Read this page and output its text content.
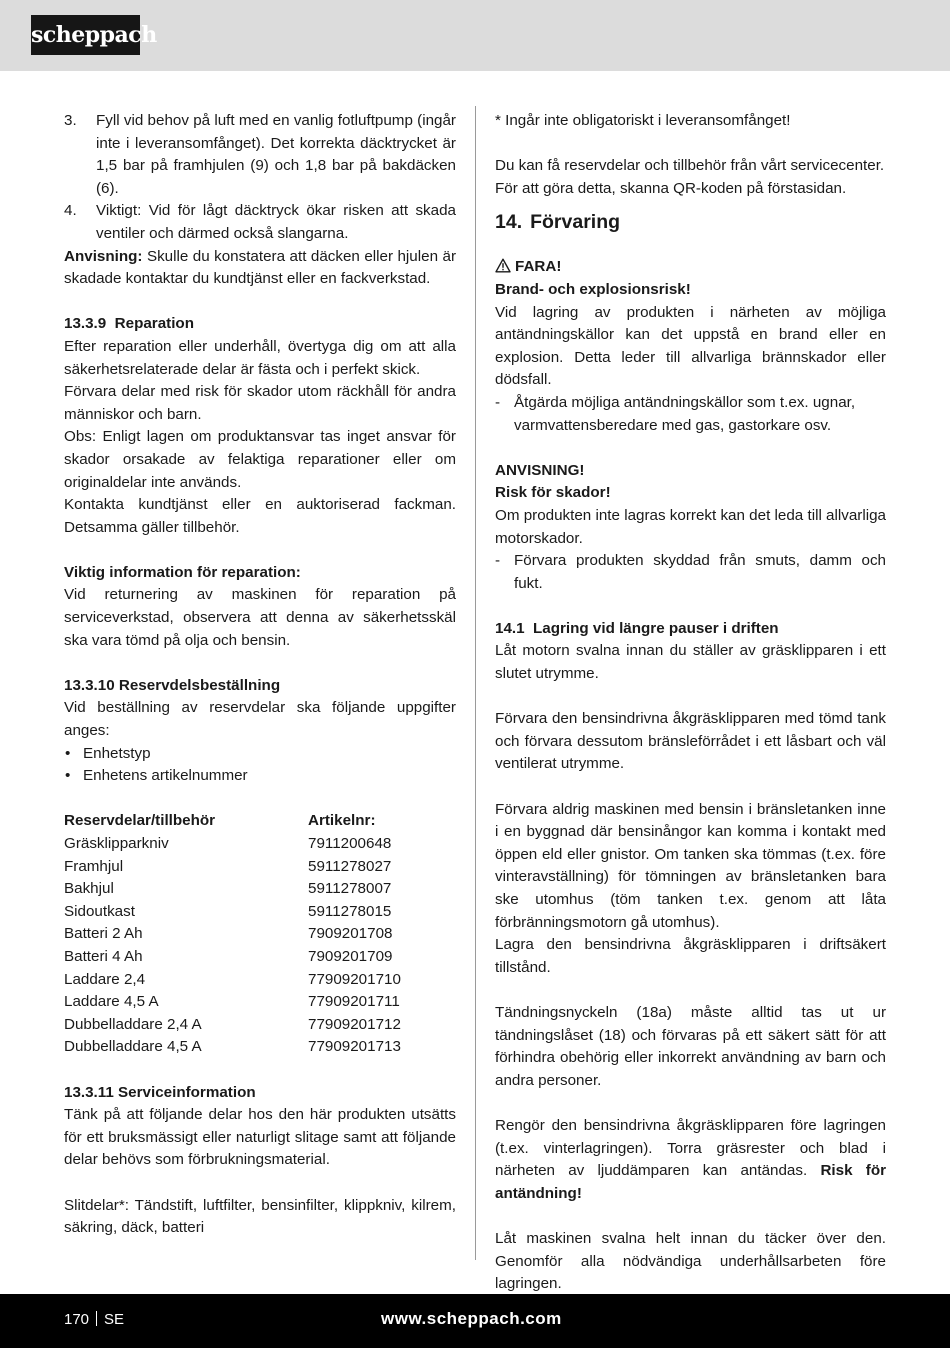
scheppach
3. Fyll vid behov på luft med en vanlig fotluftpump (ingår inte i leveransomfånget). Det korrekta däcktrycket är 1,5 bar på framhjulen (9) och 1,8 bar på bakdäcken (6).
4. Viktigt: Vid för lågt däcktryck ökar risken att skada ventiler och därmed också slangarna.

Anvisning: Skulle du konstatera att däcken eller hjulen är skadade kontaktar du kundtjänst eller en fackverkstad.

13.3.9  Reparation

Efter reparation eller underhåll, övertyga dig om att alla säkerhetsrelaterade delar är fästa och i perfekt skick.

Förvara delar med risk för skador utom räckhåll för andra människor och barn.

Obs: Enligt lagen om produktansvar tas inget ansvar för skador orsakade av felaktiga reparationer eller om originaldelar inte används.

Kontakta kundtjänst eller en auktoriserad fackman. Detsamma gäller tillbehör.

Viktig information för reparation:

Vid returnering av maskinen för reparation på serviceverkstad, observera att denna av säkerhetsskäl ska vara tömd på olja och bensin.

13.3.10 Reservdelsbeställning

Vid beställning av reservdelar ska följande uppgifter anges:

• Enhetstyp
• Enhetens artikelnummer
Reservdelar/tillbehör	Artikelnr:
Gräsklipparkniv	7911200648
Framhjul	5911278027
Bakhjul	5911278007
Sidoutkast	5911278015
Batteri 2 Ah	7909201708
Batteri 4 Ah	7909201709
Laddare 2,4	77909201710
Laddare 4,5 A	77909201711
Dubbelladdare 2,4 A	77909201712
Dubbelladdare 4,5 A	77909201713

13.3.11 Serviceinformation

Tänk på att följande delar hos den här produkten utsätts för ett bruksmässigt eller naturligt slitage samt att följande delar behövs som förbrukningsmaterial.

Slitdelar*: Tändstift, luftfilter, bensinfilter, klippkniv, kilrem, säkring, däck, batteri

* Ingår inte obligatoriskt i leveransomfånget!

Du kan få reservdelar och tillbehör från vårt servicecenter. För att göra detta, skanna QR-koden på förstasidan.

14. Förvaring

FARA!

Brand- och explosionsrisk!

Vid lagring av produkten i närheten av möjliga antändningskällor kan det uppstå en brand eller en explosion. Detta leder till allvarliga brännskador eller dödsfall.

- Åtgärda möjliga antändningskällor som t.ex. ugnar, varmvattensberedare med gas, gastorkare osv.

ANVISNING!

Risk för skador!

Om produkten inte lagras korrekt kan det leda till allvarliga motorskador.

- Förvara produkten skyddad från smuts, damm och fukt.

14.1  Lagring vid längre pauser i driften

Låt motorn svalna innan du ställer av gräsklipparen i ett slutet utrymme.

Förvara den bensindrivna åkgräsklipparen med tömd tank och förvara dessutom bränsleförrådet i ett låsbart och väl ventilerat utrymme.

Förvara aldrig maskinen med bensin i bränsletanken inne i en byggnad där bensinångor kan komma i kontakt med öppen eld eller gnistor. Om tanken ska tömmas (t.ex. före vinteravställning) för tömningen av bränsletanken bara ske utomhus (töm tanken t.ex. genom att låta förbränningsmotorn gå utomhus).

Lagra den bensindrivna åkgräsklipparen i driftsäkert tillstånd.

Tändningsnyckeln (18a) måste alltid tas ut ur tändningslåset (18) och förvaras på ett säkert sätt för att förhindra obehörig eller inkorrekt användning av barn och andra personer.

Rengör den bensindrivna åkgräsklipparen före lagringen (t.ex. vinterlagringen). Torra gräsrester och blad i närheten av ljuddämparen kan antändas. Risk för antändning!

Låt maskinen svalna helt innan du täcker över den. Genomför alla nödvändiga underhållsarbeten före lagringen.

170 SE	www.scheppach.com
